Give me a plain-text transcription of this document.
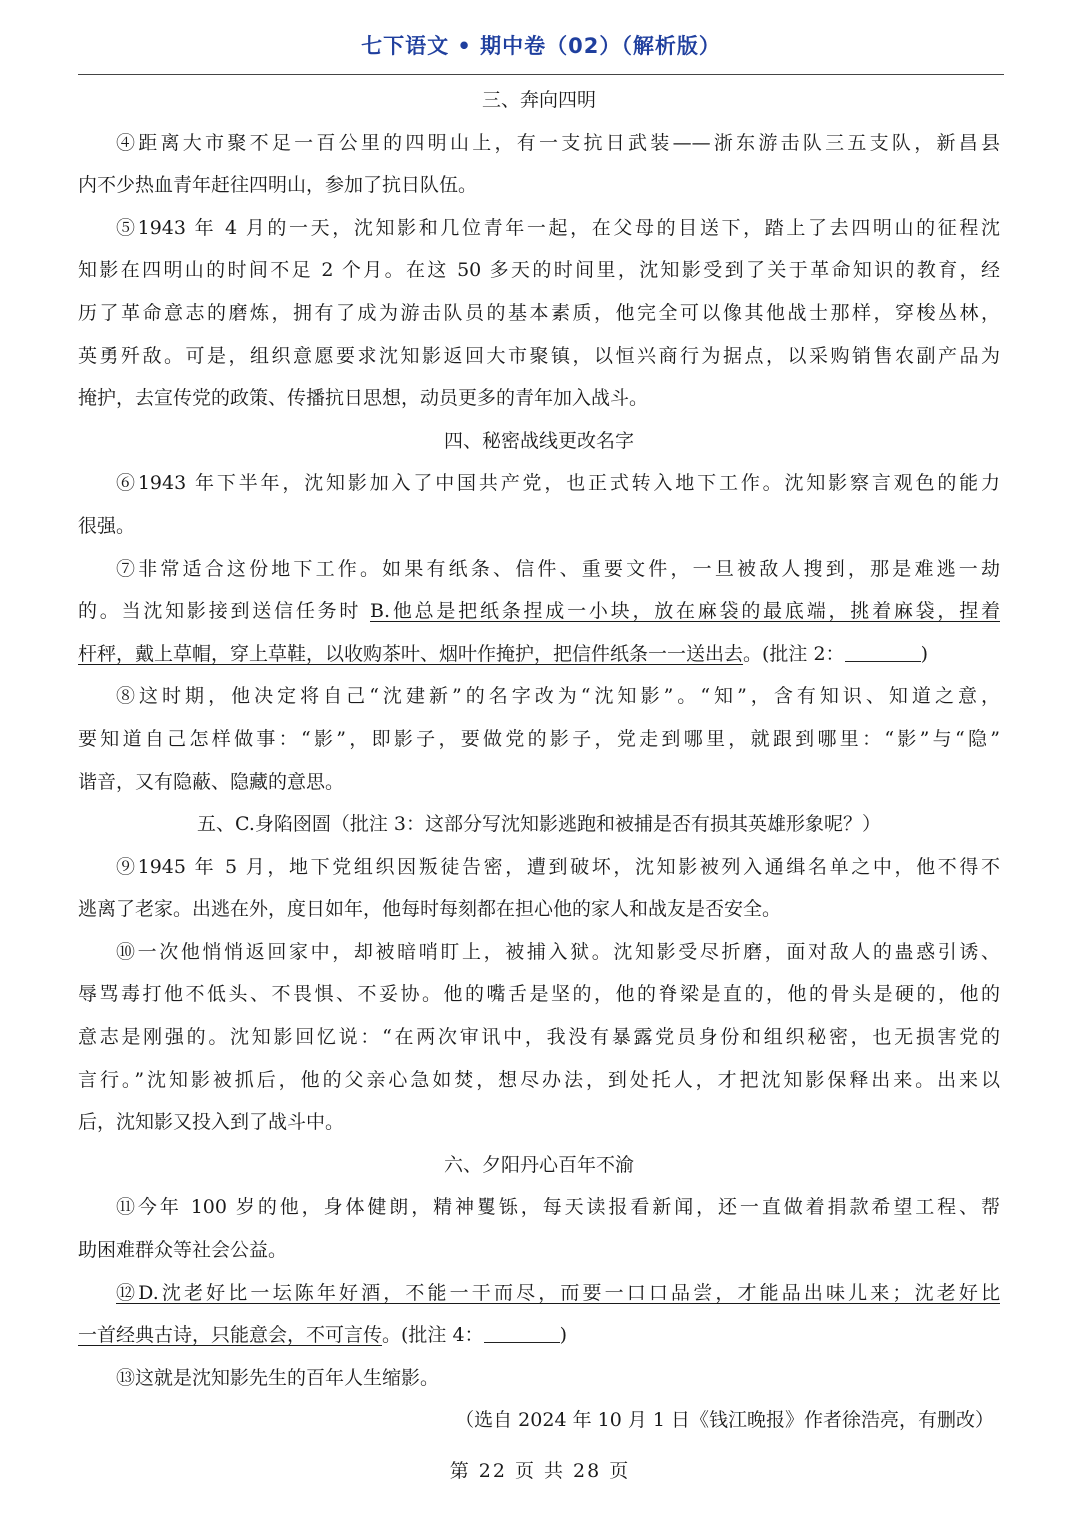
七下语文 • 期中卷（02）（解析版）
三、奔向四明
④距离大市聚不足一百公里的四明山上，有一支抗日武装——浙东游击队三五支队，新昌县
内不少热血青年赶往四明山，参加了抗日队伍。
⑤1943 年 4 月的一天，沈知影和几位青年一起，在父母的目送下，踏上了去四明山的征程沈
知影在四明山的时间不足 2 个月。在这 50 多天的时间里，沈知影受到了关于革命知识的教育，经
历了革命意志的磨炼，拥有了成为游击队员的基本素质，他完全可以像其他战士那样，穿梭丛林，
英勇歼敌。可是，组织意愿要求沈知影返回大市聚镇，以恒兴商行为据点，以采购销售农副产品为
掩护，去宣传党的政策、传播抗日思想，动员更多的青年加入战斗。
四、秘密战线更改名字
⑥1943 年下半年，沈知影加入了中国共产党，也正式转入地下工作。沈知影察言观色的能力
很强。
⑦非常适合这份地下工作。如果有纸条、信件、重要文件，一旦被敌人搜到，那是难逃一劫
的。当沈知影接到送信任务时 B.他总是把纸条捏成一小块，放在麻袋的最底端，挑着麻袋，捏着
杆秤，戴上草帽，穿上草鞋，以收购茶叶、烟叶作掩护，把信件纸条一一送出去。(批注 2：	)
⑧这时期，他决定将自己“沈建新”的名字改为“沈知影”。“知”，含有知识、知道之意，
要知道自己怎样做事：“影”，即影子，要做党的影子，党走到哪里，就跟到哪里：“影”与“隐”
谐音，又有隐蔽、隐藏的意思。
五、C.身陷囹圄（批注 3：这部分写沈知影逃跑和被捕是否有损其英雄形象呢？）
⑨1945 年 5 月，地下党组织因叛徒告密，遭到破坏，沈知影被列入通缉名单之中，他不得不
逃离了老家。出逃在外，度日如年，他每时每刻都在担心他的家人和战友是否安全。
⑩一次他悄悄返回家中，却被暗哨盯上，被捕入狱。沈知影受尽折磨，面对敌人的蛊惑引诱、
辱骂毒打他不低头、不畏惧、不妥协。他的嘴舌是坚的，他的脊梁是直的，他的骨头是硬的，他的
意志是刚强的。沈知影回忆说：“在两次审讯中，我没有暴露党员身份和组织秘密，也无损害党的
言行。”沈知影被抓后，他的父亲心急如焚，想尽办法，到处托人，才把沈知影保释出来。出来以
后，沈知影又投入到了战斗中。
六、夕阳丹心百年不渝
⑪今年 100 岁的他，身体健朗，精神矍铄，每天读报看新闻，还一直做着捐款希望工程、帮
助困难群众等社会公益。
⑫D.沈老好比一坛陈年好酒，不能一干而尽，而要一口口品尝，才能品出味儿来；沈老好比
一首经典古诗，只能意会，不可言传。(批注 4：	)
⑬这就是沈知影先生的百年人生缩影。
（选自 2024 年 10 月 1 日《钱江晚报》作者徐浩亮，有删改）
第 22 页 共 28 页
